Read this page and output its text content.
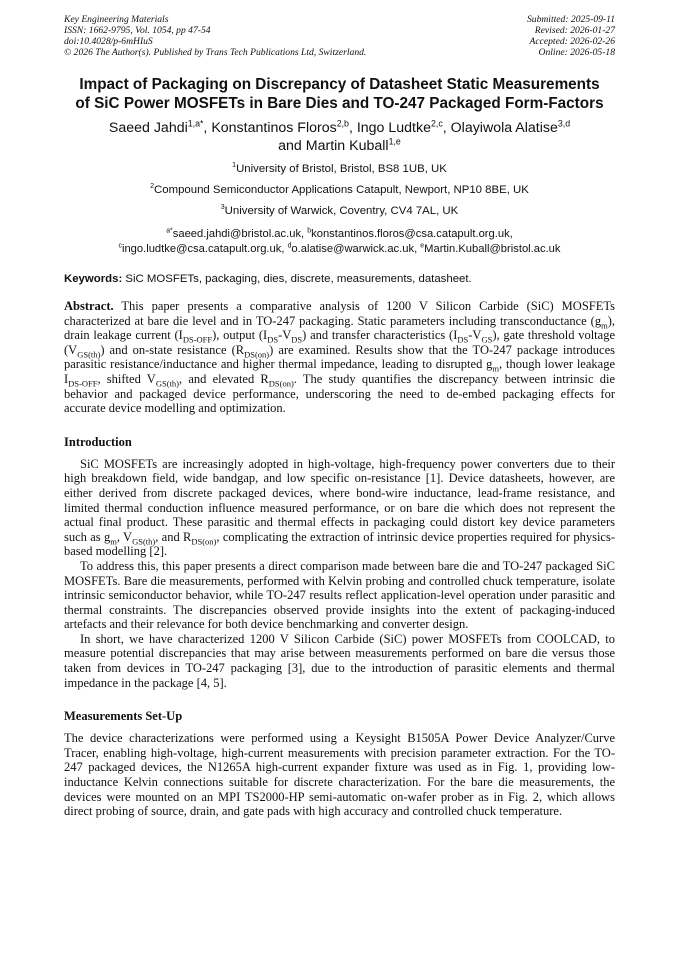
Key Engineering Materials
ISSN: 1662-9795, Vol. 1054, pp 47-54
doi:10.4028/p-6mHIuS
© 2026 The Author(s). Published by Trans Tech Publications Ltd, Switzerland.
Submitted: 2025-09-11
Revised: 2026-01-27
Accepted: 2026-02-26
Online: 2026-05-18
Impact of Packaging on Discrepancy of Datasheet Static Measurements
of SiC Power MOSFETs in Bare Dies and TO-247 Packaged Form-Factors
Saeed Jahdi$^{1,a*}$, Konstantinos Floros$^{2,b}$, Ingo Ludtke$^{2,c}$, Olayiwola Alatise$^{3,d}$
and Martin Kuball$^{1,e}$
$^1$University of Bristol, Bristol, BS8 1UB, UK
$^2$Compound Semiconductor Applications Catapult, Newport, NP10 8BE, UK
$^3$University of Warwick, Coventry, CV4 7AL, UK
$^{a*}$saeed.jahdi@bristol.ac.uk, $^b$konstantinos.floros@csa.catapult.org.uk,
$^c$ingo.ludtke@csa.catapult.org.uk, $^d$o.alatise@warwick.ac.uk, $^e$Martin.Kuball@bristol.ac.uk
Keywords: SiC MOSFETs, packaging, dies, discrete, measurements, datasheet.

Abstract. This paper presents a comparative analysis of 1200 V Silicon Carbide (SiC) MOSFETs characterized at bare die level and in TO-247 packaging. Static parameters including transconductance $(g_m)$, drain leakage current $(I_{DS-OFF})$, output $(I_{DS}-V_{DS})$ and transfer characteristics $(I_{DS}-V_{GS})$, gate threshold voltage $(V_{GS(th)})$ and on-state resistance $(R_{DS(on)})$ are examined. Results show that the TO-247 package introduces parasitic resistance/inductance and higher thermal impedance, leading to disrupted $g_m$, though lower leakage $I_{DS-OFF}$, shifted $V_{GS(th)}$, and elevated $R_{DS(on)}$. The study quantifies the discrepancy between intrinsic die behavior and packaged device performance, underscoring the need to de-embed packaging effects for accurate device modelling and optimization.

Introduction

SiC MOSFETs are increasingly adopted in high-voltage, high-frequency power converters due to their high breakdown field, wide bandgap, and low specific on-resistance [1]. Device datasheets, however, are either derived from discrete packaged devices, where bond-wire inductance, lead-frame resistance, and limited thermal conduction influence measured performance, or on bare die which does not represent the actual final product. These parasitic and thermal effects in packaging could distort key device parameters such as $g_m$, $V_{GS(th)}$, and $R_{DS(on)}$, complicating the extraction of intrinsic device properties required for physics-based modelling [2].

To address this, this paper presents a direct comparison made between bare die and TO-247 packaged SiC MOSFETs. Bare die measurements, performed with Kelvin probing and controlled chuck temperature, isolate intrinsic semiconductor behavior, while TO-247 results reflect application-level operation under parasitic and thermal constraints. The discrepancies observed provide insights into the extent of packaging-induced artefacts and their relevance for both device benchmarking and converter design.

In short, we have characterized 1200 V Silicon Carbide (SiC) power MOSFETs from COOLCAD, to measure potential discrepancies that may arise between measurements performed on bare die versus those taken from devices in TO-247 packaging [3], due to the introduction of parasitic elements and thermal impedance in the package [4, 5].

Measurements Set-Up

The device characterizations were performed using a Keysight B1505A Power Device Analyzer/Curve Tracer, enabling high-voltage, high-current measurements with precision parameter extraction. For the TO-247 packaged devices, the N1265A high-current expander fixture was used as in Fig. 1, providing low-inductance Kelvin connections suitable for discrete characterization. For the bare die measurements, the devices were mounted on an MPI TS2000-HP semi-automatic on-wafer prober as in Fig. 2, which allows direct probing of source, drain, and gate pads with high accuracy and controlled chuck temperature.
